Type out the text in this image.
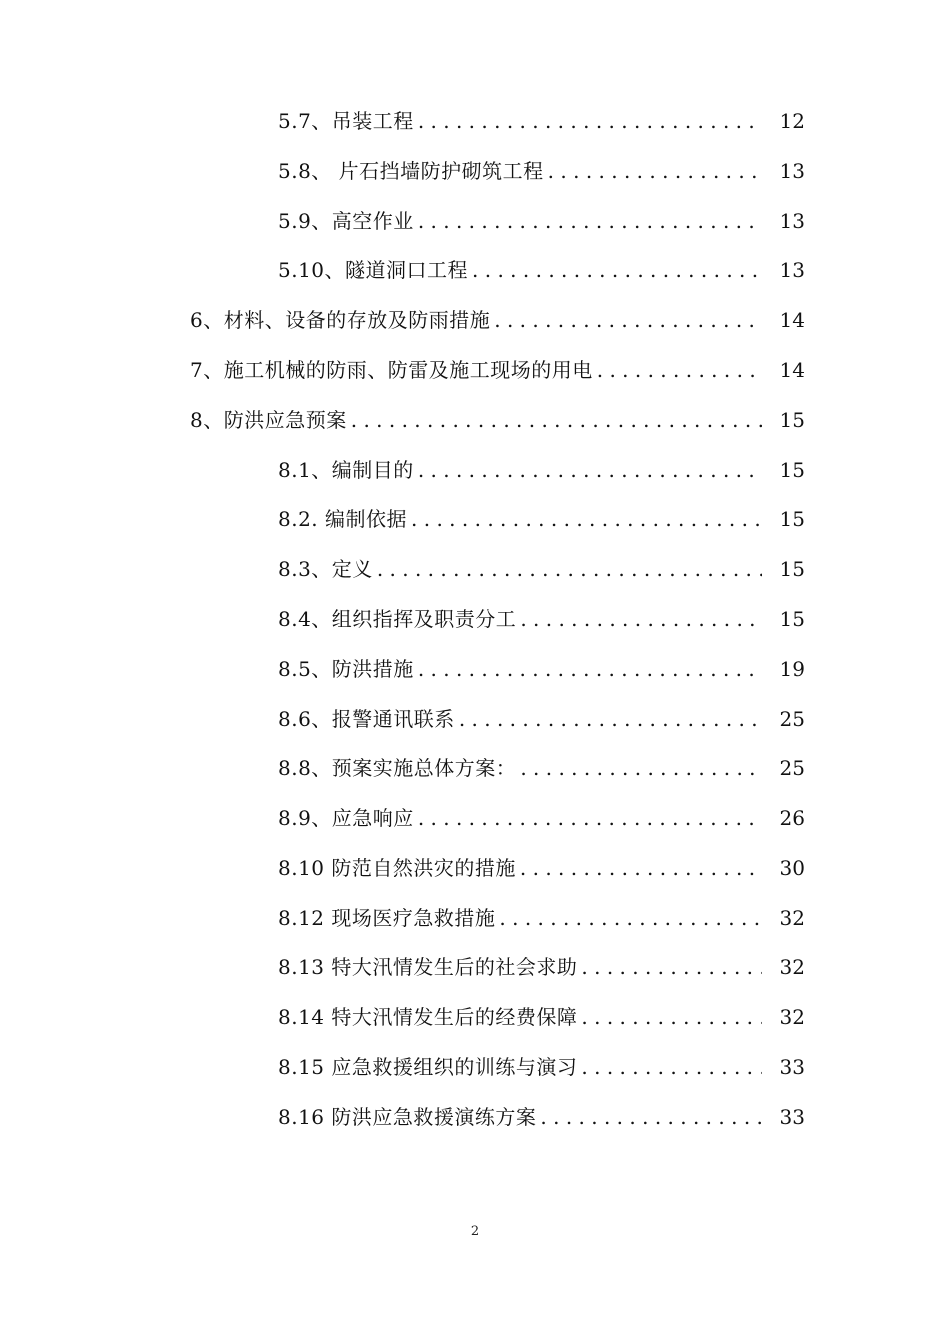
5.7、吊装工程 . . .	12
5.8、 片石挡墙防护砌筑工程 . . .	13
5.9、高空作业 . . .	13
5.10、隧道洞口工程 . . .	13
6、材料、设备的存放及防雨措施 . . .	14
7、施工机械的防雨、防雷及施工现场的用电 . . .	14
8、防洪应急预案 . . .	15
8.1、编制目的 . . .	15
8.2. 编制依据 . . .	15
8.3、定义 . . .	15
8.4、组织指挥及职责分工 . . .	15
8.5、防洪措施 . . .	19
8.6、报警通讯联系 . . .	25
8.8、预案实施总体方案： . . .	25
8.9、应急响应 . . .	26
8.10 防范自然洪灾的措施 . . .	30
8.12 现场医疗急救措施 . . .	32
8.13 特大汛情发生后的社会求助 . . .	32
8.14 特大汛情发生后的经费保障 . . .	32
8.15 应急救援组织的训练与演习 . . .	33
8.16 防洪应急救援演练方案 . . .	33
2
